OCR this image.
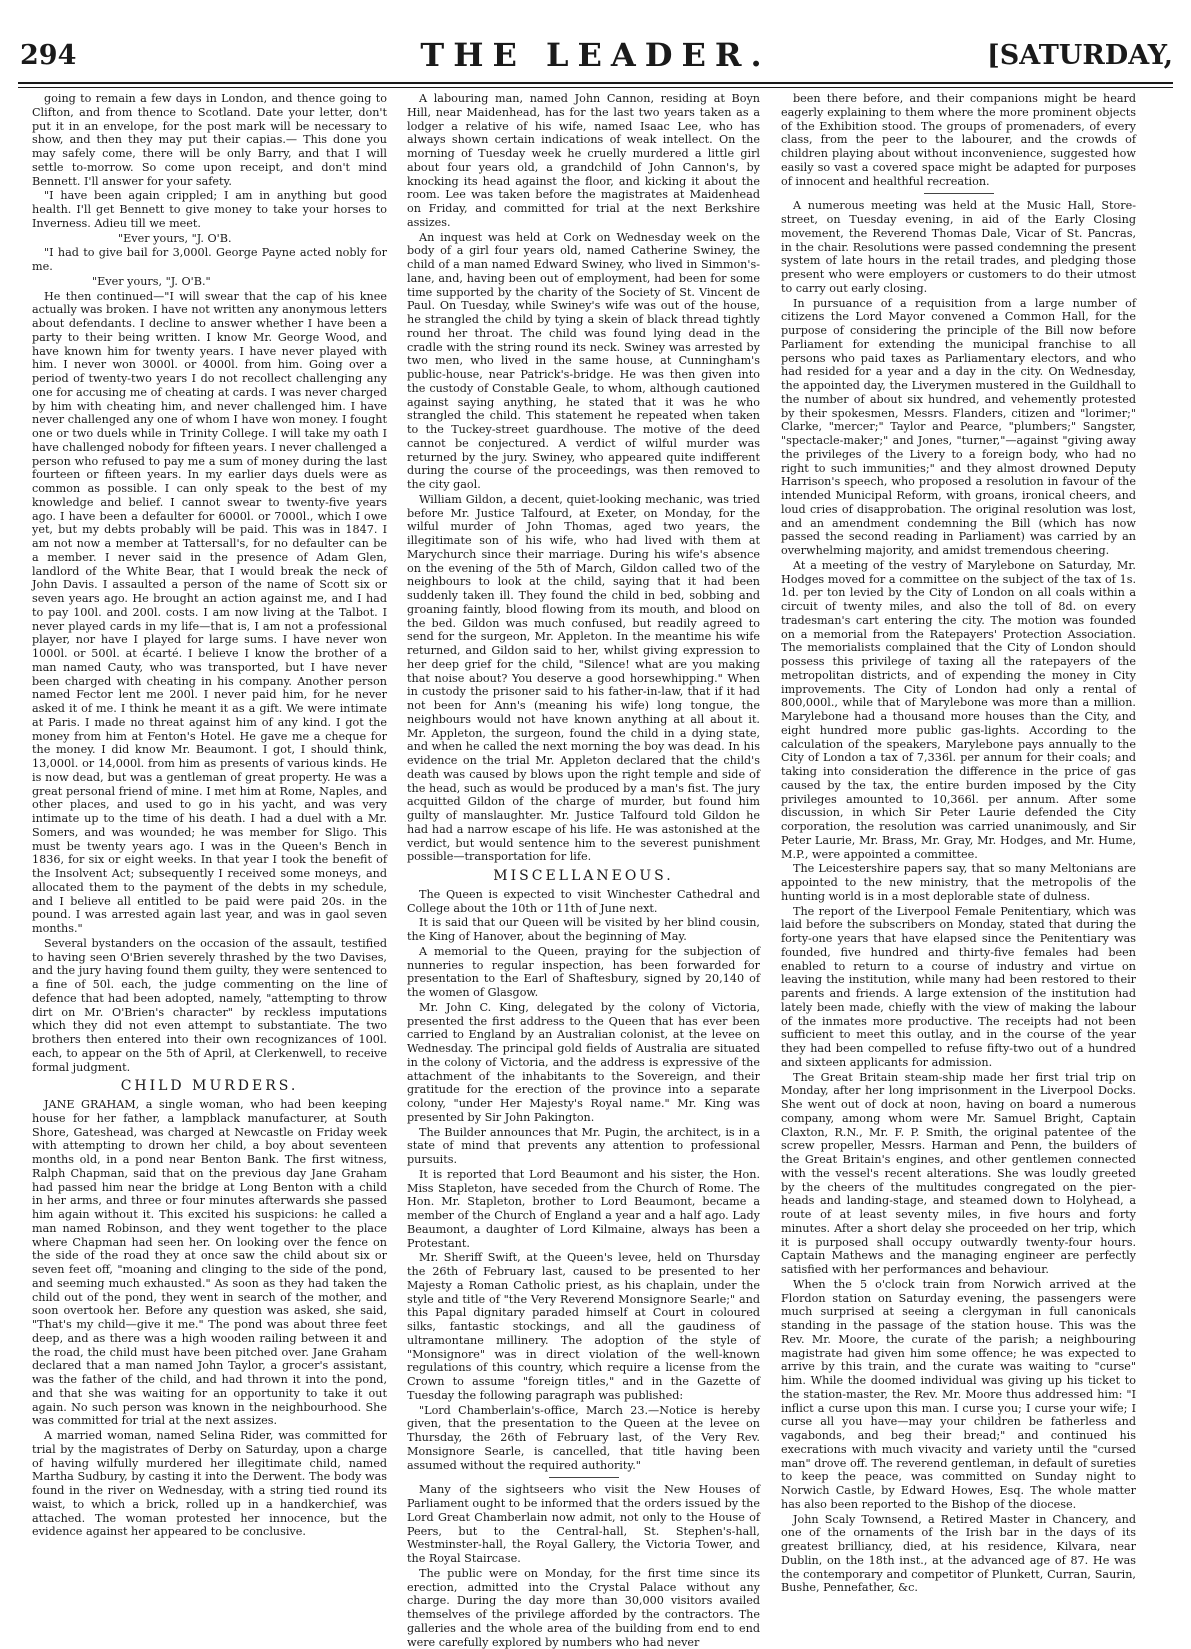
294	THE LEADER.	[SATURDAY,

going to remain a few days in London, and thence going to Clifton, and from thence to Scotland. Date your letter, don't put it in an envelope, for the post mark will be necessary to show, and then they may put their capias.— This done you may safely come, there will be only Barry, and that I will settle to-morrow. So come upon receipt, and don't mind Bennett. I'll answer for your safety.

"I have been again crippled; I am in anything but good health. I'll get Bennett to give money to take your horses to Inverness. Adieu till we meet.

"Ever yours, "J. O'B.

"I had to give bail for 3,000l. George Payne acted nobly for me.

"Ever yours, "J. O'B."

He then continued—"I will swear that the cap of his knee actually was broken. I have not written any anonymous letters about defendants. I decline to answer whether I have been a party to their being written. I know Mr. George Wood, and have known him for twenty years. I have never played with him. I never won 3000l. or 4000l. from him. Going over a period of twenty-two years I do not recollect challenging any one for accusing me of cheating at cards. I was never charged by him with cheating him, and never challenged him. I have never challenged any one of whom I have won money. I fought one or two duels while in Trinity College. I will take my oath I have challenged nobody for fifteen years. I never challenged a person who refused to pay me a sum of money during the last fourteen or fifteen years. In my earlier days duels were as common as possible. I can only speak to the best of my knowledge and belief. I cannot swear to twenty-five years ago. I have been a defaulter for 6000l. or 7000l., which I owe yet, but my debts probably will be paid. This was in 1847. I am not now a member at Tattersall's, for no defaulter can be a member. I never said in the presence of Adam Glen, landlord of the White Bear, that I would break the neck of John Davis. I assaulted a person of the name of Scott six or seven years ago. He brought an action against me, and I had to pay 100l. and 200l. costs. I am now living at the Talbot. I never played cards in my life—that is, I am not a professional player, nor have I played for large sums. I have never won 1000l. or 500l. at écarté. I believe I know the brother of a man named Cauty, who was transported, but I have never been charged with cheating in his company. Another person named Fector lent me 200l. I never paid him, for he never asked it of me. I think he meant it as a gift. We were intimate at Paris. I made no threat against him of any kind. I got the money from him at Fenton's Hotel. He gave me a cheque for the money. I did know Mr. Beaumont. I got, I should think, 13,000l. or 14,000l. from him as presents of various kinds. He is now dead, but was a gentleman of great property. He was a great personal friend of mine. I met him at Rome, Naples, and other places, and used to go in his yacht, and was very intimate up to the time of his death. I had a duel with a Mr. Somers, and was wounded; he was member for Sligo. This must be twenty years ago. I was in the Queen's Bench in 1836, for six or eight weeks. In that year I took the benefit of the Insolvent Act; subsequently I received some moneys, and allocated them to the payment of the debts in my schedule, and I believe all entitled to be paid were paid 20s. in the pound. I was arrested again last year, and was in gaol seven months."

Several bystanders on the occasion of the assault, testified to having seen O'Brien severely thrashed by the two Davises, and the jury having found them guilty, they were sentenced to a fine of 50l. each, the judge commenting on the line of defence that had been adopted, namely, "attempting to throw dirt on Mr. O'Brien's character" by reckless imputations which they did not even attempt to substantiate. The two brothers then entered into their own recognizances of 100l. each, to appear on the 5th of April, at Clerkenwell, to receive formal judgment.

CHILD MURDERS.

JANE GRAHAM, a single woman, who had been keeping house for her father, a lampblack manufacturer, at South Shore, Gateshead, was charged at Newcastle on Friday week with attempting to drown her child, a boy about seventeen months old, in a pond near Benton Bank. The first witness, Ralph Chapman, said that on the previous day Jane Graham had passed him near the bridge at Long Benton with a child in her arms, and three or four minutes afterwards she passed him again without it. This excited his suspicions: he called a man named Robinson, and they went together to the place where Chapman had seen her. On looking over the fence on the side of the road they at once saw the child about six or seven feet off, "moaning and clinging to the side of the pond, and seeming much exhausted." As soon as they had taken the child out of the pond, they went in search of the mother, and soon overtook her. Before any question was asked, she said, "That's my child—give it me." The pond was about three feet deep, and as there was a high wooden railing between it and the road, the child must have been pitched over. Jane Graham declared that a man named John Taylor, a grocer's assistant, was the father of the child, and had thrown it into the pond, and that she was waiting for an opportunity to take it out again. No such person was known in the neighbourhood. She was committed for trial at the next assizes.

A married woman, named Selina Rider, was committed for trial by the magistrates of Derby on Saturday, upon a charge of having wilfully murdered her illegitimate child, named Martha Sudbury, by casting it into the Derwent. The body was found in the river on Wednesday, with a string tied round its waist, to which a brick, rolled up in a handkerchief, was attached. The woman protested her innocence, but the evidence against her appeared to be conclusive.

A labouring man, named John Cannon, residing at Boyn Hill, near Maidenhead, has for the last two years taken as a lodger a relative of his wife, named Isaac Lee, who has always shown certain indications of weak intellect. On the morning of Tuesday week he cruelly murdered a little girl about four years old, a grandchild of John Cannon's, by knocking its head against the floor, and kicking it about the room. Lee was taken before the magistrates at Maidenhead on Friday, and committed for trial at the next Berkshire assizes.

An inquest was held at Cork on Wednesday week on the body of a girl four years old, named Catherine Swiney, the child of a man named Edward Swiney, who lived in Simmon's-lane, and, having been out of employment, had been for some time supported by the charity of the Society of St. Vincent de Paul. On Tuesday, while Swiney's wife was out of the house, he strangled the child by tying a skein of black thread tightly round her throat. The child was found lying dead in the cradle with the string round its neck. Swiney was arrested by two men, who lived in the same house, at Cunningham's public-house, near Patrick's-bridge. He was then given into the custody of Constable Geale, to whom, although cautioned against saying anything, he stated that it was he who strangled the child. This statement he repeated when taken to the Tuckey-street guardhouse. The motive of the deed cannot be conjectured. A verdict of wilful murder was returned by the jury. Swiney, who appeared quite indifferent during the course of the proceedings, was then removed to the city gaol.

William Gildon, a decent, quiet-looking mechanic, was tried before Mr. Justice Talfourd, at Exeter, on Monday, for the wilful murder of John Thomas, aged two years, the illegitimate son of his wife, who had lived with them at Marychurch since their marriage. During his wife's absence on the evening of the 5th of March, Gildon called two of the neighbours to look at the child, saying that it had been suddenly taken ill. They found the child in bed, sobbing and groaning faintly, blood flowing from its mouth, and blood on the bed. Gildon was much confused, but readily agreed to send for the surgeon, Mr. Appleton. In the meantime his wife returned, and Gildon said to her, whilst giving expression to her deep grief for the child, "Silence! what are you making that noise about? You deserve a good horsewhipping." When in custody the prisoner said to his father-in-law, that if it had not been for Ann's (meaning his wife) long tongue, the neighbours would not have known anything at all about it. Mr. Appleton, the surgeon, found the child in a dying state, and when he called the next morning the boy was dead. In his evidence on the trial Mr. Appleton declared that the child's death was caused by blows upon the right temple and side of the head, such as would be produced by a man's fist. The jury acquitted Gildon of the charge of murder, but found him guilty of manslaughter. Mr. Justice Talfourd told Gildon he had had a narrow escape of his life. He was astonished at the verdict, but would sentence him to the severest punishment possible—transportation for life.

MISCELLANEOUS.

The Queen is expected to visit Winchester Cathedral and College about the 10th or 11th of June next.

It is said that our Queen will be visited by her blind cousin, the King of Hanover, about the beginning of May.

A memorial to the Queen, praying for the subjection of nunneries to regular inspection, has been forwarded for presentation to the Earl of Shaftesbury, signed by 20,140 of the women of Glasgow.

Mr. John C. King, delegated by the colony of Victoria, presented the first address to the Queen that has ever been carried to England by an Australian colonist, at the levee on Wednesday. The principal gold fields of Australia are situated in the colony of Victoria, and the address is expressive of the attachment of the inhabitants to the Sovereign, and their gratitude for the erection of the province into a separate colony, "under Her Majesty's Royal name." Mr. King was presented by Sir John Pakington.

The Builder announces that Mr. Pugin, the architect, is in a state of mind that prevents any attention to professional pursuits.

It is reported that Lord Beaumont and his sister, the Hon. Miss Stapleton, have seceded from the Church of Rome. The Hon. Mr. Stapleton, brother to Lord Beaumont, became a member of the Church of England a year and a half ago. Lady Beaumont, a daughter of Lord Kilmaine, always has been a Protestant.

Mr. Sheriff Swift, at the Queen's levee, held on Thursday the 26th of February last, caused to be presented to her Majesty a Roman Catholic priest, as his chaplain, under the style and title of "the Very Reverend Monsignore Searle;" and this Papal dignitary paraded himself at Court in coloured silks, fantastic stockings, and all the gaudiness of ultramontane millinery. The adoption of the style of "Monsignore" was in direct violation of the well-known regulations of this country, which require a license from the Crown to assume "foreign titles," and in the Gazette of Tuesday the following paragraph was published:

"Lord Chamberlain's-office, March 23.—Notice is hereby given, that the presentation to the Queen at the levee on Thursday, the 26th of February last, of the Very Rev. Monsignore Searle, is cancelled, that title having been assumed without the required authority."

Many of the sightseers who visit the New Houses of Parliament ought to be informed that the orders issued by the Lord Great Chamberlain now admit, not only to the House of Peers, but to the Central-hall, St. Stephen's-hall, Westminster-hall, the Royal Gallery, the Victoria Tower, and the Royal Staircase.

The public were on Monday, for the first time since its erection, admitted into the Crystal Palace without any charge. During the day more than 30,000 visitors availed themselves of the privilege afforded by the contractors. The galleries and the whole area of the building from end to end were carefully explored by numbers who had never

been there before, and their companions might be heard eagerly explaining to them where the more prominent objects of the Exhibition stood. The groups of promenaders, of every class, from the peer to the labourer, and the crowds of children playing about without inconvenience, suggested how easily so vast a covered space might be adapted for purposes of innocent and healthful recreation.

A numerous meeting was held at the Music Hall, Store-street, on Tuesday evening, in aid of the Early Closing movement, the Reverend Thomas Dale, Vicar of St. Pancras, in the chair. Resolutions were passed condemning the present system of late hours in the retail trades, and pledging those present who were employers or customers to do their utmost to carry out early closing.

In pursuance of a requisition from a large number of citizens the Lord Mayor convened a Common Hall, for the purpose of considering the principle of the Bill now before Parliament for extending the municipal franchise to all persons who paid taxes as Parliamentary electors, and who had resided for a year and a day in the city. On Wednesday, the appointed day, the Liverymen mustered in the Guildhall to the number of about six hundred, and vehemently protested by their spokesmen, Messrs. Flanders, citizen and "lorimer;" Clarke, "mercer;" Taylor and Pearce, "plumbers;" Sangster, "spectacle-maker;" and Jones, "turner,"—against "giving away the privileges of the Livery to a foreign body, who had no right to such immunities;" and they almost drowned Deputy Harrison's speech, who proposed a resolution in favour of the intended Municipal Reform, with groans, ironical cheers, and loud cries of disapprobation. The original resolution was lost, and an amendment condemning the Bill (which has now passed the second reading in Parliament) was carried by an overwhelming majority, and amidst tremendous cheering.

At a meeting of the vestry of Marylebone on Saturday, Mr. Hodges moved for a committee on the subject of the tax of 1s. 1d. per ton levied by the City of London on all coals within a circuit of twenty miles, and also the toll of 8d. on every tradesman's cart entering the city. The motion was founded on a memorial from the Ratepayers' Protection Association. The memorialists complained that the City of London should possess this privilege of taxing all the ratepayers of the metropolitan districts, and of expending the money in City improvements. The City of London had only a rental of 800,000l., while that of Marylebone was more than a million. Marylebone had a thousand more houses than the City, and eight hundred more public gas-lights. According to the calculation of the speakers, Marylebone pays annually to the City of London a tax of 7,336l. per annum for their coals; and taking into consideration the difference in the price of gas caused by the tax, the entire burden imposed by the City privileges amounted to 10,366l. per annum. After some discussion, in which Sir Peter Laurie defended the City corporation, the resolution was carried unanimously, and Sir Peter Laurie, Mr. Brass, Mr. Gray, Mr. Hodges, and Mr. Hume, M.P., were appointed a committee.

The Leicestershire papers say, that so many Meltonians are appointed to the new ministry, that the metropolis of the hunting world is in a most deplorable state of dulness.

The report of the Liverpool Female Penitentiary, which was laid before the subscribers on Monday, stated that during the forty-one years that have elapsed since the Penitentiary was founded, five hundred and thirty-five females had been enabled to return to a course of industry and virtue on leaving the institution, while many had been restored to their parents and friends. A large extension of the institution had lately been made, chiefly with the view of making the labour of the inmates more productive. The receipts had not been sufficient to meet this outlay, and in the course of the year they had been compelled to refuse fifty-two out of a hundred and sixteen applicants for admission.

The Great Britain steam-ship made her first trial trip on Monday, after her long imprisonment in the Liverpool Docks. She went out of dock at noon, having on board a numerous company, among whom were Mr. Samuel Bright, Captain Claxton, R.N., Mr. F. P. Smith, the original patentee of the screw propeller, Messrs. Harman and Penn, the builders of the Great Britain's engines, and other gentlemen connected with the vessel's recent alterations. She was loudly greeted by the cheers of the multitudes congregated on the pier-heads and landing-stage, and steamed down to Holyhead, a route of at least seventy miles, in five hours and forty minutes. After a short delay she proceeded on her trip, which it is purposed shall occupy outwardly twenty-four hours. Captain Mathews and the managing engineer are perfectly satisfied with her performances and behaviour.

When the 5 o'clock train from Norwich arrived at the Flordon station on Saturday evening, the passengers were much surprised at seeing a clergyman in full canonicals standing in the passage of the station house. This was the Rev. Mr. Moore, the curate of the parish; a neighbouring magistrate had given him some offence; he was expected to arrive by this train, and the curate was waiting to "curse" him. While the doomed individual was giving up his ticket to the station-master, the Rev. Mr. Moore thus addressed him: "I inflict a curse upon this man. I curse you; I curse your wife; I curse all you have—may your children be fatherless and vagabonds, and beg their bread;" and continued his execrations with much vivacity and variety until the "cursed man" drove off. The reverend gentleman, in default of sureties to keep the peace, was committed on Sunday night to Norwich Castle, by Edward Howes, Esq. The whole matter has also been reported to the Bishop of the diocese.

John Scaly Townsend, a Retired Master in Chancery, and one of the ornaments of the Irish bar in the days of its greatest brilliancy, died, at his residence, Kilvara, near Dublin, on the 18th inst., at the advanced age of 87. He was the contemporary and competitor of Plunkett, Curran, Saurin, Bushe, Pennefather, &c.
